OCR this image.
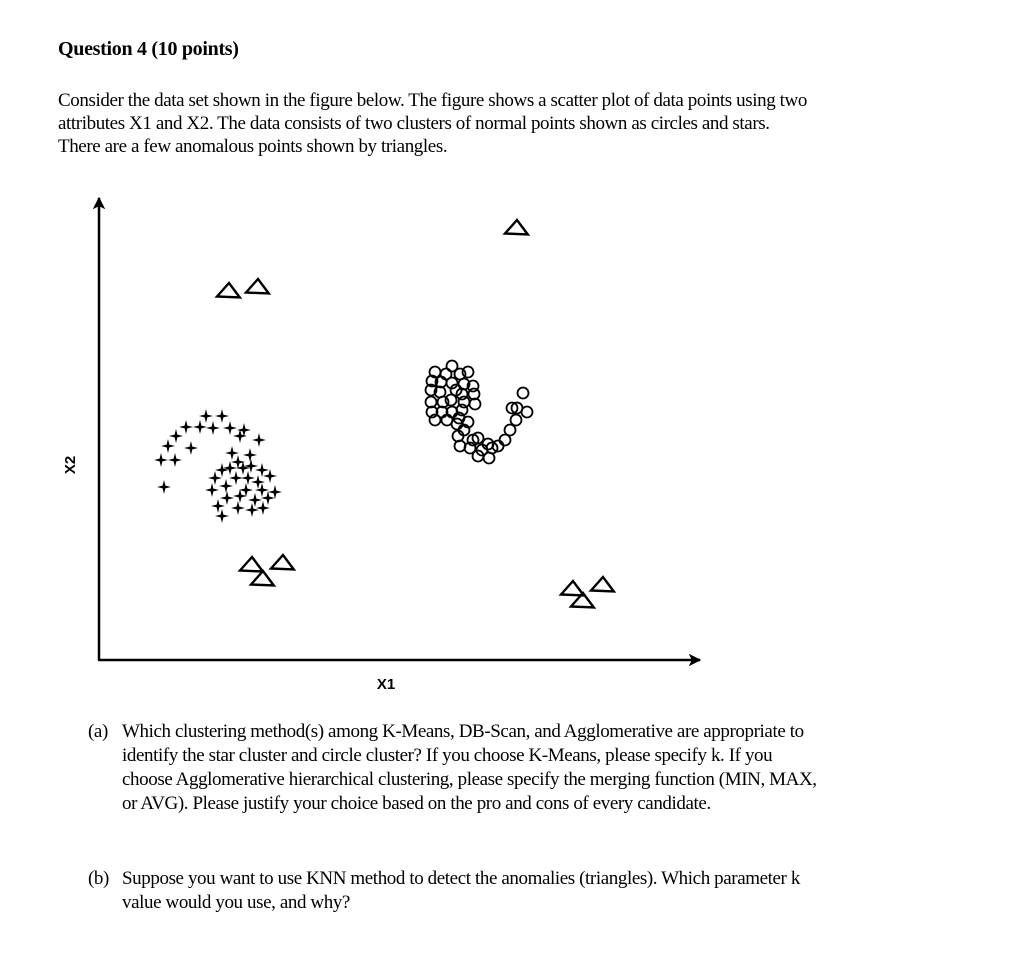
Question 4 (10 points)

Consider the data set shown in the figure below. The figure shows a scatter plot of data points using two

attributes X1 and X2. The data consists of two clusters of normal points shown as circles and stars.

There are a few anomalous points shown by triangles.

X1
X2
(a) Which clustering method(s) among K-Means, DB-Scan, and Agglomerative are appropriate to
identify the star cluster and circle cluster? If you choose K-Means, please specify k. If you
choose Agglomerative hierarchical clustering, please specify the merging function (MIN, MAX,
or AVG). Please justify your choice based on the pro and cons of every candidate.
(b) Suppose you want to use KNN method to detect the anomalies (triangles). Which parameter k
value would you use, and why?
